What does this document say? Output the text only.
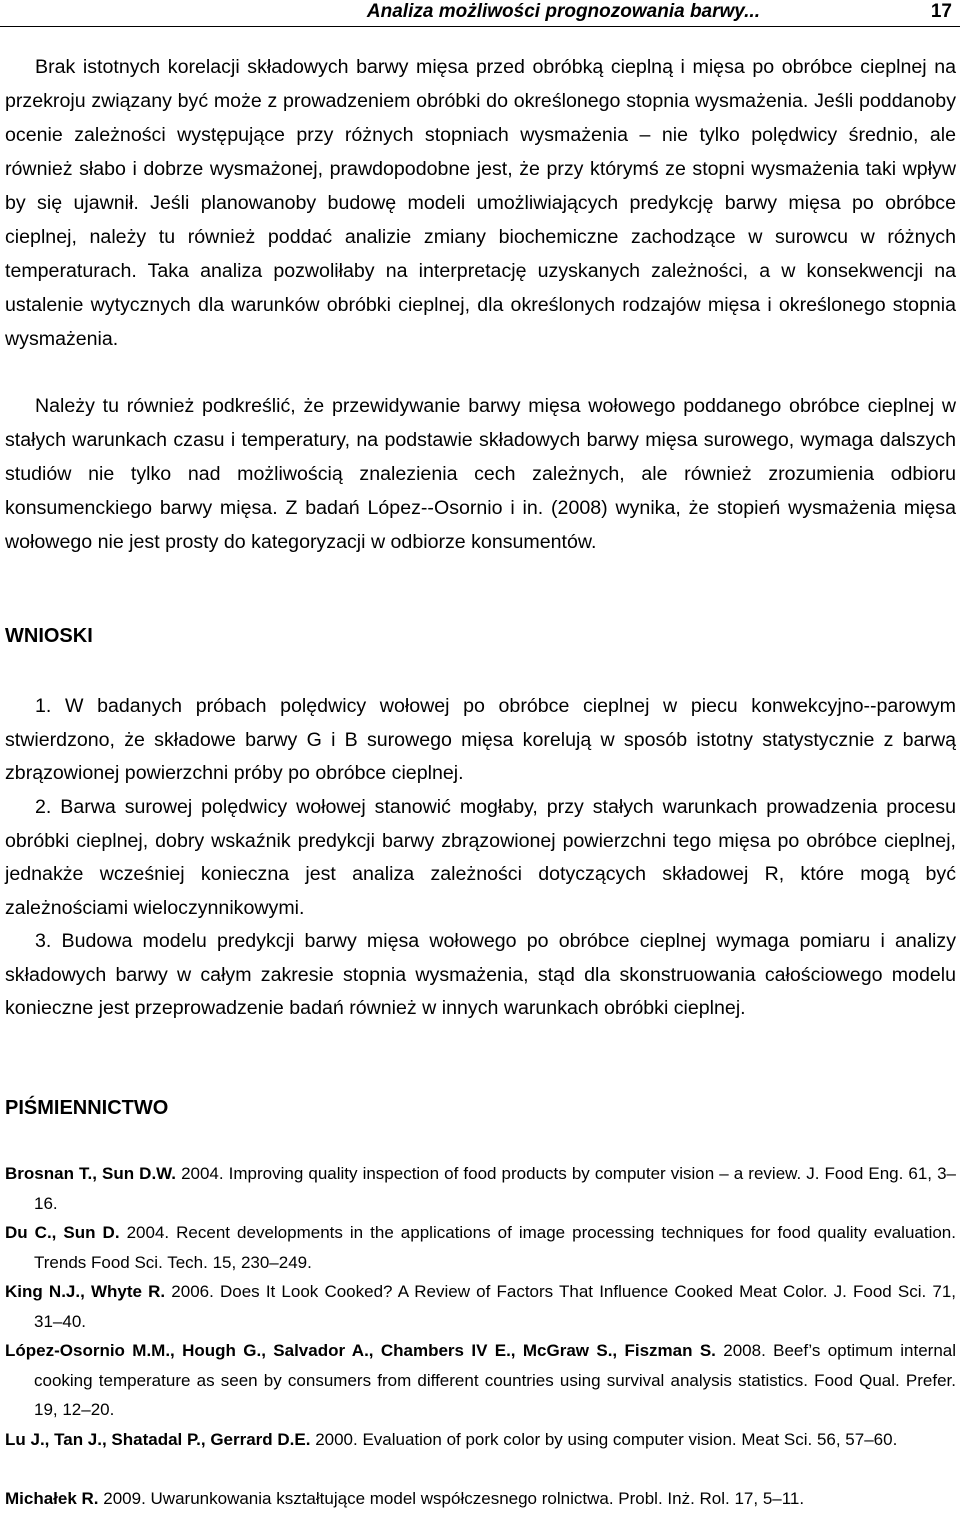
Analiza możliwości prognozowania barwy...	17

Brak istotnych korelacji składowych barwy mięsa przed obróbką cieplną i mięsa po obróbce cieplnej na przekroju związany być może z prowadzeniem obróbki do określonego stopnia wysmażenia. Jeśli poddanoby ocenie zależności występujące przy różnych stopniach wysmażenia – nie tylko polędwicy średnio, ale również słabo i dobrze wysmażonej, prawdopodobne jest, że przy którymś ze stopni wysmażenia taki wpływ by się ujawnił. Jeśli planowanoby budowę modeli umożliwiających predykcję barwy mięsa po obróbce cieplnej, należy tu również poddać analizie zmiany biochemiczne zachodzące w surowcu w różnych temperaturach. Taka analiza pozwoliłaby na interpretację uzyskanych zależności, a w konsekwencji na ustalenie wytycznych dla warunków obróbki cieplnej, dla określonych rodzajów mięsa i określonego stopnia wysmażenia.

Należy tu również podkreślić, że przewidywanie barwy mięsa wołowego poddanego obróbce cieplnej w stałych warunkach czasu i temperatury, na podstawie składowych barwy mięsa surowego, wymaga dalszych studiów nie tylko nad możliwością znalezienia cech zależnych, ale również zrozumienia odbioru konsumenckiego barwy mięsa. Z badań López-‑Osornio i in. (2008) wynika, że stopień wysmażenia mięsa wołowego nie jest prosty do kategoryzacji w odbiorze konsumentów.

WNIOSKI

1. W badanych próbach polędwicy wołowej po obróbce cieplnej w piecu konwekcyjno-‑parowym stwierdzono, że składowe barwy G i B surowego mięsa korelują w sposób istotny statystycznie z barwą zbrązowionej powierzchni próby po obróbce cieplnej.

2. Barwa surowej polędwicy wołowej stanowić mogłaby, przy stałych warunkach prowadzenia procesu obróbki cieplnej, dobry wskaźnik predykcji barwy zbrązowionej powierzchni tego mięsa po obróbce cieplnej, jednakże wcześniej konieczna jest analiza zależności dotyczących składowej R, które mogą być zależnościami wieloczynnikowymi.

3. Budowa modelu predykcji barwy mięsa wołowego po obróbce cieplnej wymaga pomiaru i analizy składowych barwy w całym zakresie stopnia wysmażenia, stąd dla skonstruowania całościowego modelu konieczne jest przeprowadzenie badań również w innych warunkach obróbki cieplnej.

PIŚMIENNICTWO

Brosnan T., Sun D.W. 2004. Improving quality inspection of food products by computer vision – a review. J. Food Eng. 61, 3–16.

Du C., Sun D. 2004. Recent developments in the applications of image processing techniques for food quality evaluation. Trends Food Sci. Tech. 15, 230–249.

King N.J., Whyte R. 2006. Does It Look Cooked? A Review of Factors That Influence Cooked Meat Color. J. Food Sci. 71, 31–40.

López-Osornio M.M., Hough G., Salvador A., Chambers IV E., McGraw S., Fiszman S. 2008. Beef’s optimum internal cooking temperature as seen by consumers from different countries using survival analysis statistics. Food Qual. Prefer. 19, 12–20.

Lu J., Tan J., Shatadal P., Gerrard D.E. 2000. Evaluation of pork color by using computer vision. Meat Sci. 56, 57–60.

Michałek R. 2009. Uwarunkowania kształtujące model współczesnego rolnictwa. Probl. Inż. Rol. 17, 5–11.
